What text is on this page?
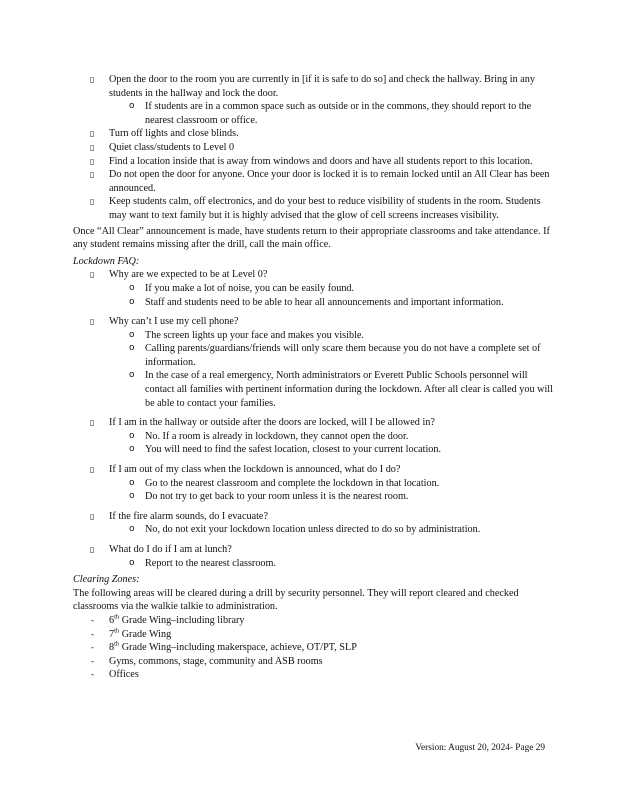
▯ Open the door to the room you are currently in [if it is safe to do so] and check the hallway. Bring in any students in the hallway and lock the door.
o If students are in a common space such as outside or in the commons, they should report to the nearest classroom or office.
▯ Turn off lights and close blinds.
▯ Quiet class/students to Level 0
▯ Find a location inside that is away from windows and doors and have all students report to this location.
▯ Do not open the door for anyone. Once your door is locked it is to remain locked until an All Clear has been announced.
▯ Keep students calm, off electronics, and do your best to reduce visibility of students in the room. Students may want to text family but it is highly advised that the glow of cell screens increases visibility.
Once “All Clear” announcement is made, have students return to their appropriate classrooms and take attendance. If any student remains missing after the drill, call the main office.
Lockdown FAQ:
▯ Why are we expected to be at Level 0?
o If you make a lot of noise, you can be easily found.
o Staff and students need to be able to hear all announcements and important information.
▯ Why can’t I use my cell phone?
o The screen lights up your face and makes you visible.
o Calling parents/guardians/friends will only scare them because you do not have a complete set of information.
o In the case of a real emergency, North administrators or Everett Public Schools personnel will contact all families with pertinent information during the lockdown. After all clear is called you will be able to contact your families.
▯ If I am in the hallway or outside after the doors are locked, will I be allowed in?
o No. If a room is already in lockdown, they cannot open the door.
o You will need to find the safest location, closest to your current location.
▯ If I am out of my class when the lockdown is announced, what do I do?
o Go to the nearest classroom and complete the lockdown in that location.
o Do not try to get back to your room unless it is the nearest room.
▯ If the fire alarm sounds, do I evacuate?
o No, do not exit your lockdown location unless directed to do so by administration.
▯ What do I do if I am at lunch?
o Report to the nearest classroom.
Clearing Zones:
The following areas will be cleared during a drill by security personnel. They will report cleared and checked classrooms via the walkie talkie to administration.
- 6th Grade Wing–including library
- 7th Grade Wing
- 8th Grade Wing–including makerspace, achieve, OT/PT, SLP
- Gyms, commons, stage, community and ASB rooms
- Offices
Version: August 20, 2024- Page 29
